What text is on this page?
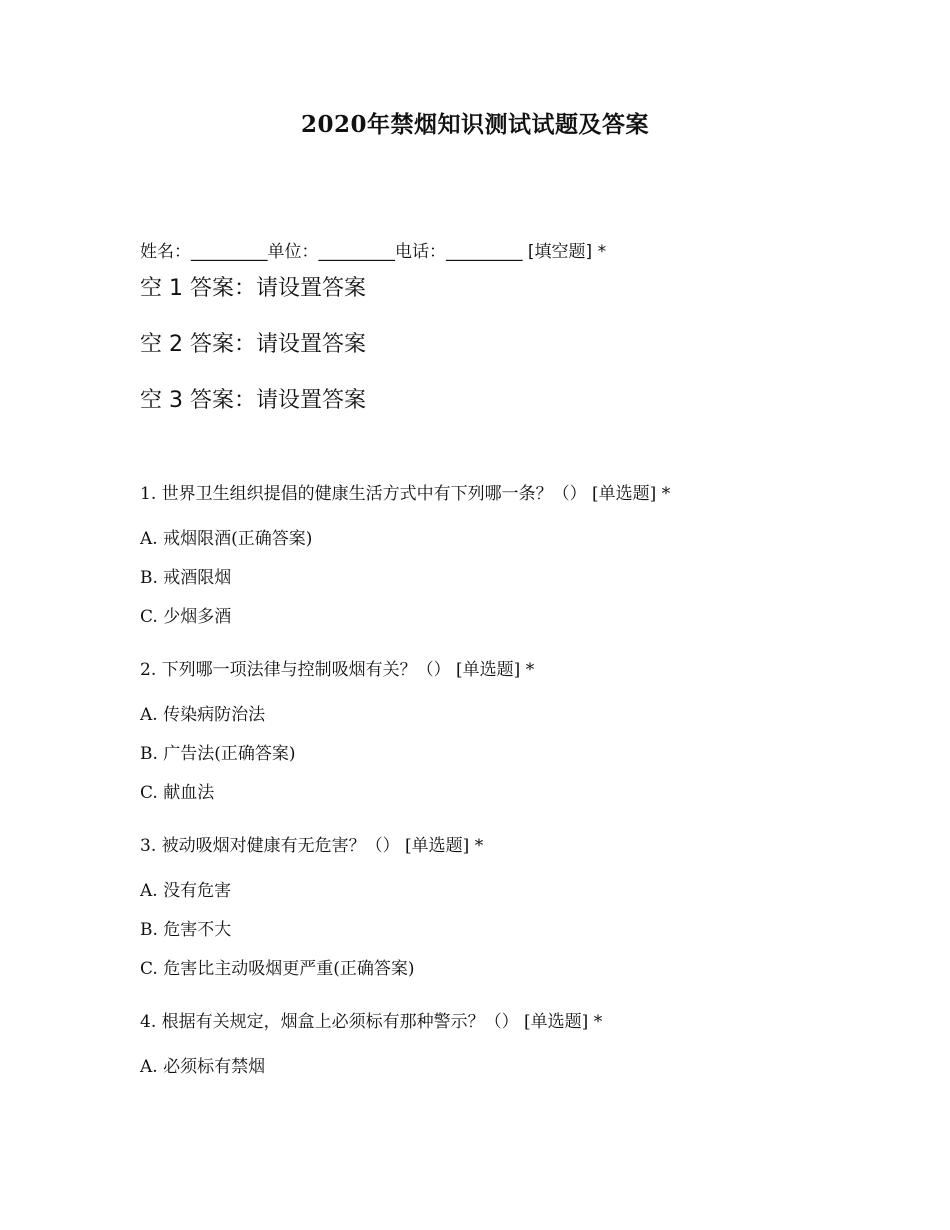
2020年禁烟知识测试试题及答案
姓名：_________单位：_________电话：_________ [填空题] *
空 1 答案：请设置答案
空 2 答案：请设置答案
空 3 答案：请设置答案
1. 世界卫生组织提倡的健康生活方式中有下列哪一条？（） [单选题] *
A. 戒烟限酒(正确答案)
B. 戒酒限烟
C. 少烟多酒
2. 下列哪一项法律与控制吸烟有关？（） [单选题] *
A. 传染病防治法
B. 广告法(正确答案)
C. 献血法
3. 被动吸烟对健康有无危害？（） [单选题] *
A. 没有危害
B. 危害不大
C. 危害比主动吸烟更严重(正确答案)
4. 根据有关规定，烟盒上必须标有那种警示？（） [单选题] *
A. 必须标有禁烟
